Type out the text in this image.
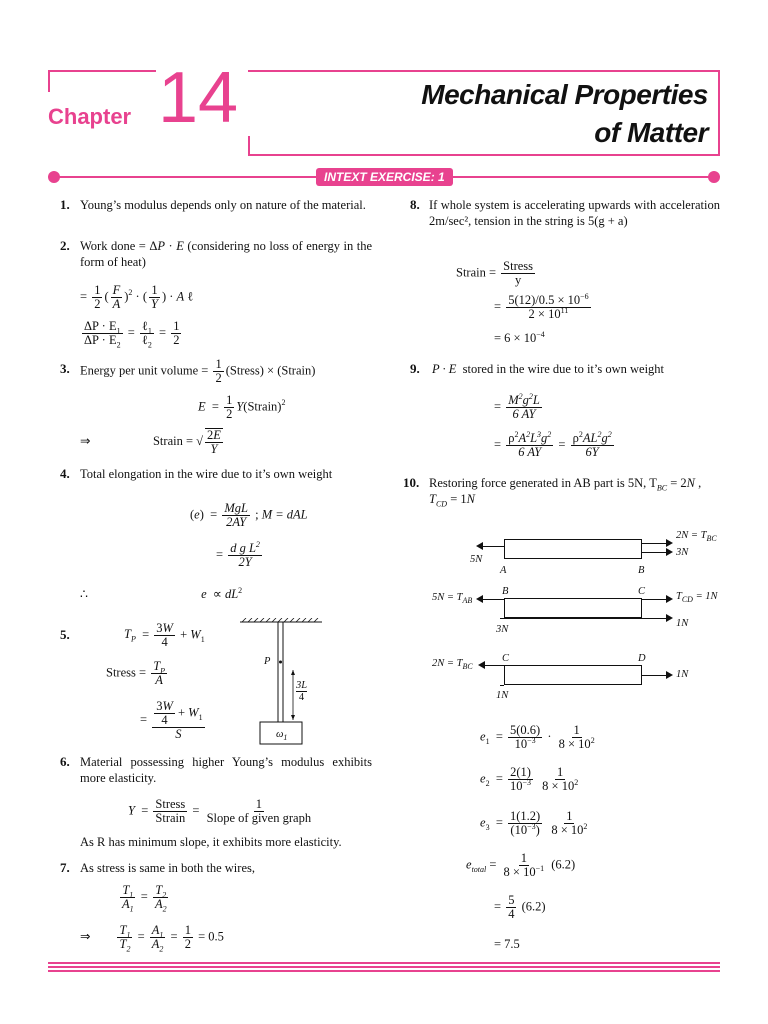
Chapter 14	Mechanical Properties
of Matter
INTEXT EXERCISE: 1
1. Young’s modulus depends only on nature of the material.
2. Work done = ΔP · E (considering no loss of energy in the form of heat)
= $\frac{1}{2}$ ( $\frac{F}{A} )^2$ · ( $\frac{1}{Y}$ ) · A ℓ
$\frac{\Delta P \cdot E_1}{\Delta P \cdot E_2} = \frac{\ell_1}{\ell_2} = \frac{1}{2}$
3. Energy per unit volume = $\frac{1}{2}$ (Stress) × (Strain)
$E = \frac{1}{2}$ Y(Strain)$^2$
⇒                    Strain = √ $\frac{2E}{Y}$
4. Total elongation in the wire due to it’s own weight
$(e) = \frac{\text{MgL}}{2AY}$ ; M = dAL
= $\frac{d g L^2}{2Y}$
∴	$e \propto dL^2$
5.	$T_P = \frac{3W}{4} + W_1$
Stress = $\frac{T_P}{A}$
= $\frac{\frac{3W}{4} + W_1}{S}$
P
3L
4
$\omega_1$
6. Material possessing higher Young’s modulus exhibits more elasticity.
$Y = \frac{\text{Stress}}{\text{Strain}} = \frac{1}{\text{Slope of given graph}}$
As R has minimum slope, it exhibits more elasticity.
7. As stress is same in both the wires,
$\frac{T_1}{A_1} = \frac{T_2}{A_2}$
⇒ $\frac{T_1}{T_2} = \frac{A_1}{A_2} = \frac{1}{2} = 0.5$
8. If whole system is accelerating upwards with acceleration 2m/sec², tension in the string is 5(g + a)
Strain = $\frac{\text{Stress}}{y}$
= $\frac{5(12)/0.5 \times 10^{-6}}{2 \times 10^{11}}$
= $6 \times 10^{-4}$
9. P · E stored in the wire due to it’s own weight
= $\frac{M^2g^2L}{6 AY}$
= $\frac{\rho^2A^2L^3g^2}{6 AY} = \frac{\rho^2AL^2g^2}{6Y}$
10. Restoring force generated in AB part is 5N, $T_{BC} = 2N$ , $T_{CD} = 1N$
$2N = T_{BC}$
3N
5N
A	B
$5N = T_{AB}$
B	C	$T_{CD} = 1N$
1N
3N
$2N = T_{BC}$
C	D
1N
1N
$e_1 = \frac{5(0.6)}{10^{-3}} \cdot \frac{1}{8 \times 10^2}$
$e_2 = \frac{2(1)}{10^{-3}}$
$\frac{1}{8 \times 10^2}$
$e_3 = \frac{1(1.2)}{(10^{-3})}$
$\frac{1}{8 \times 10^2}$
$e_{total} = \frac{1}{8 \times 10^{-1}} (6.2)$
= $\frac{5}{4} (6.2)$
= 7.5
